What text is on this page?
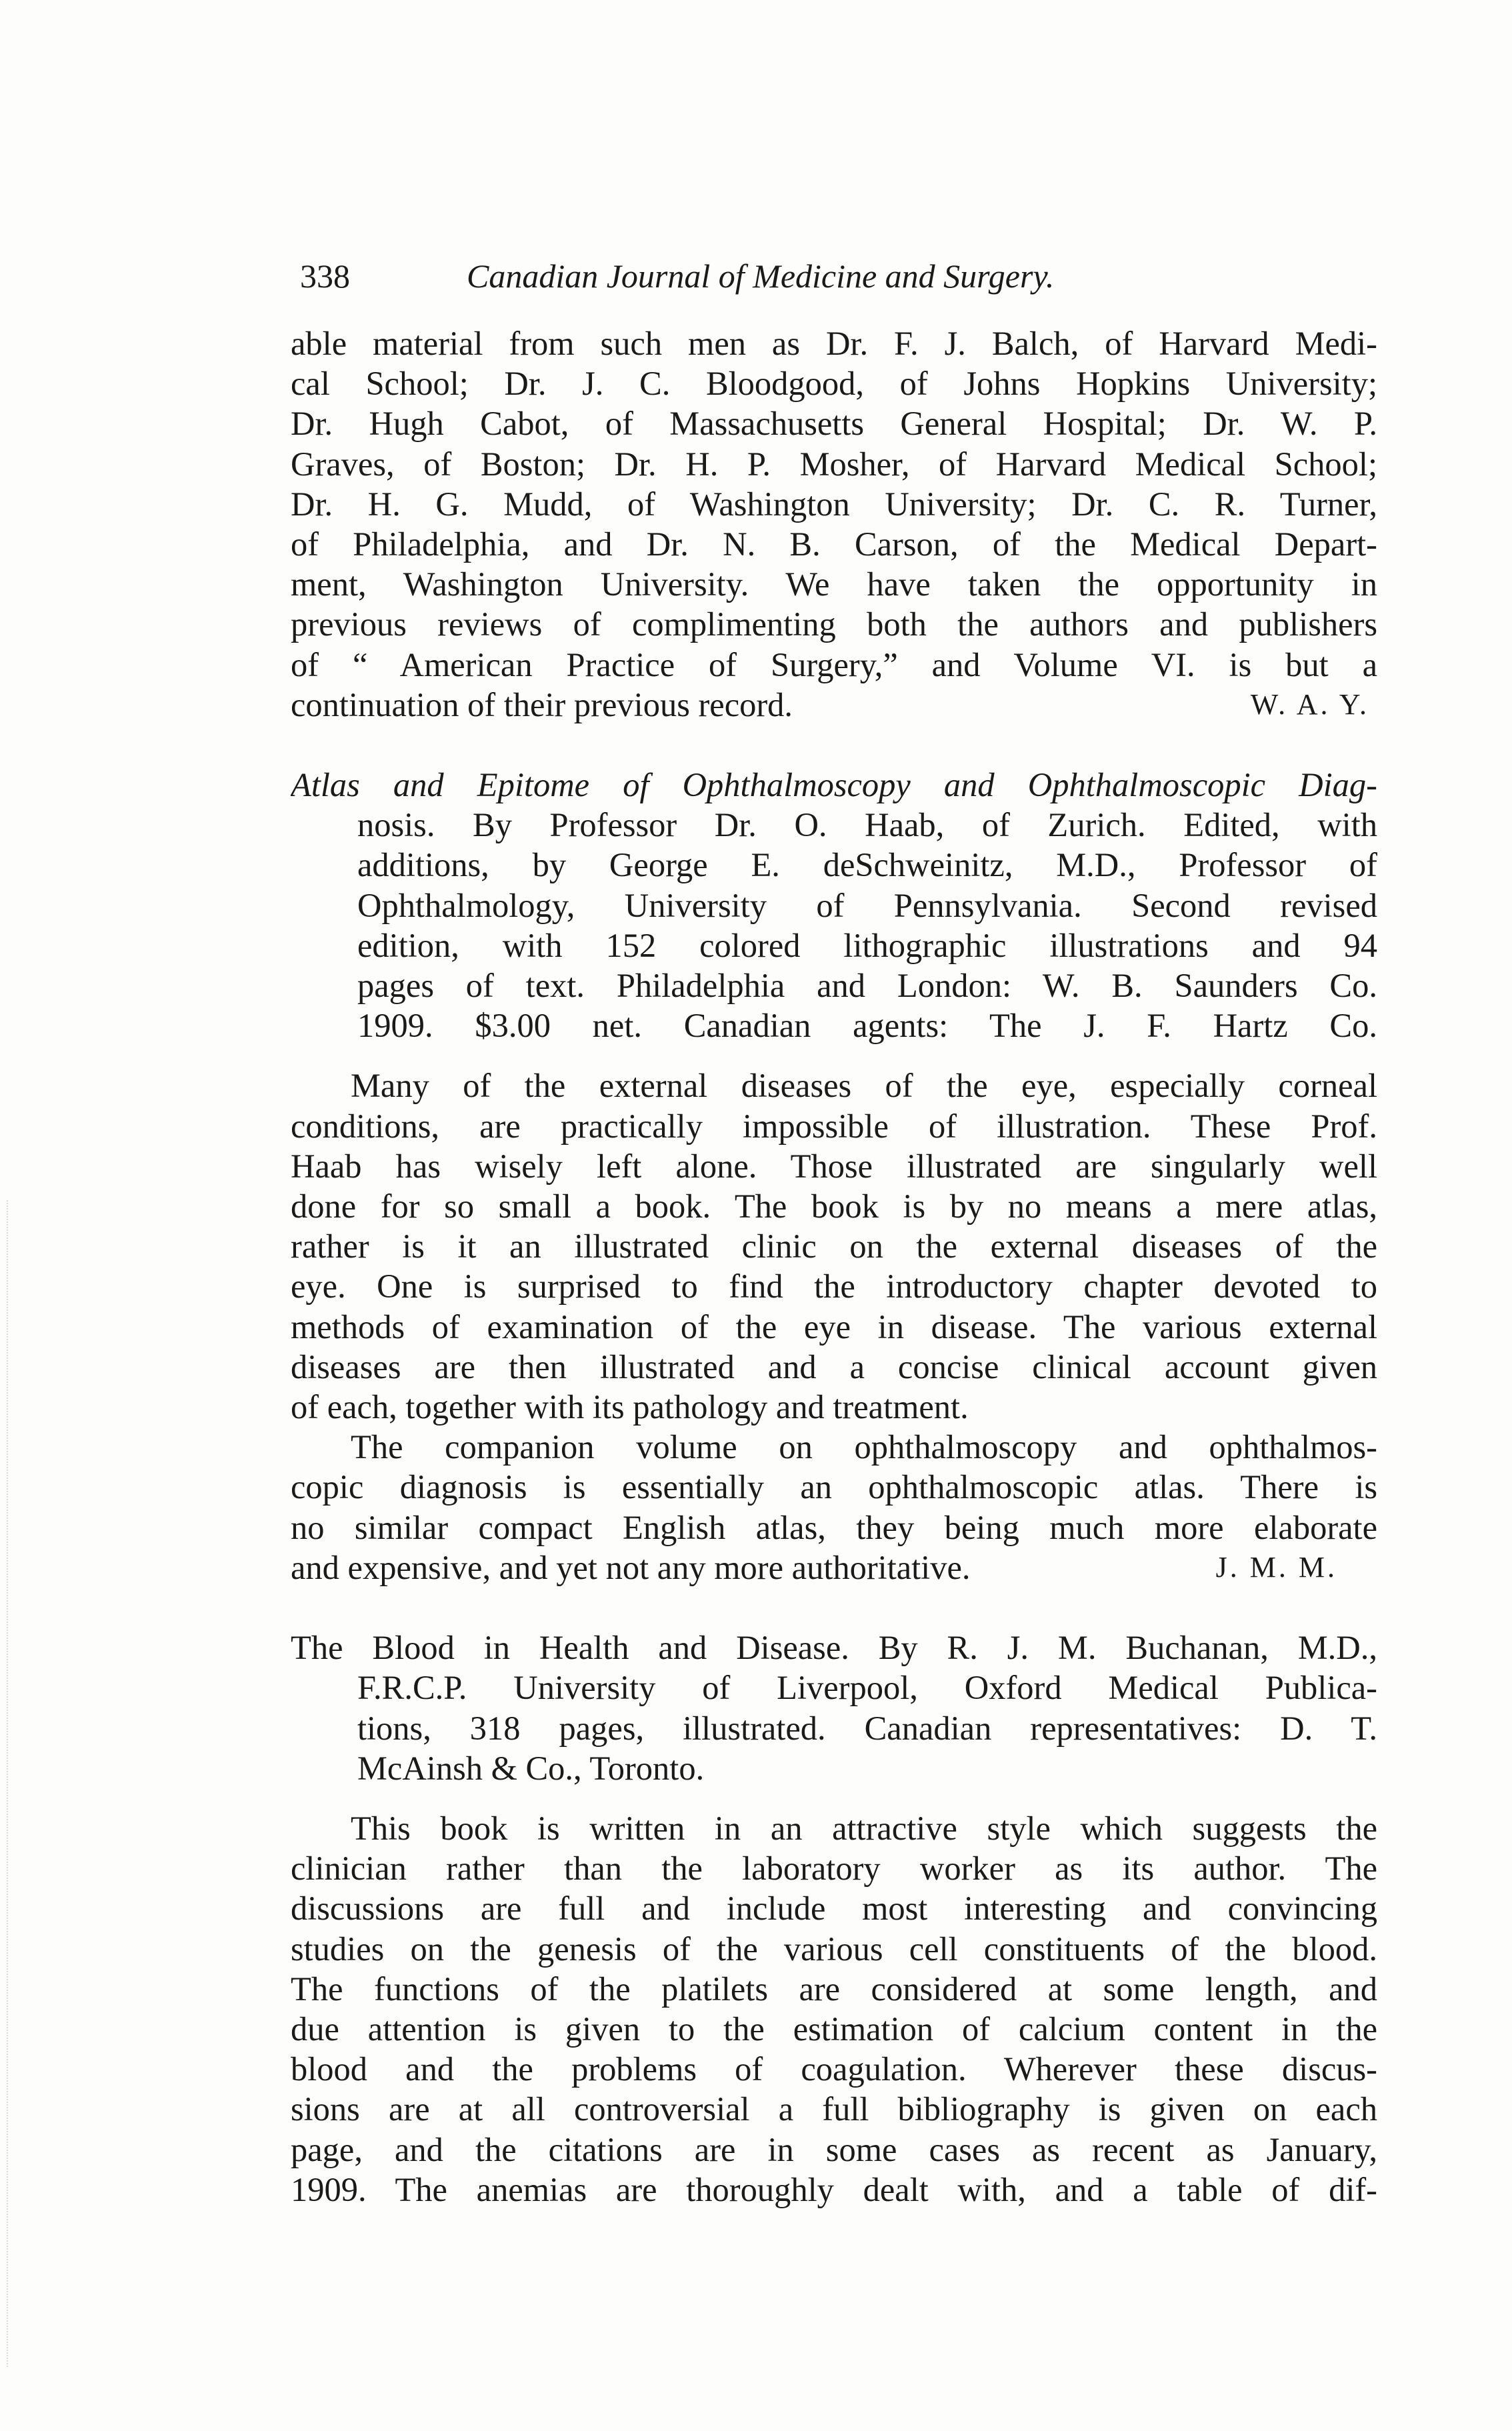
338	Canadian Journal of Medicine and Surgery.
able material from such men as Dr. F. J. Balch, of Harvard Medi-
cal School; Dr. J. C. Bloodgood, of Johns Hopkins University;
Dr. Hugh Cabot, of Massachusetts General Hospital; Dr. W. P.
Graves, of Boston; Dr. H. P. Mosher, of Harvard Medical School;
Dr. H. G. Mudd, of Washington University; Dr. C. R. Turner,
of Philadelphia, and Dr. N. B. Carson, of the Medical Depart-
ment, Washington University. We have taken the opportunity in
previous reviews of complimenting both the authors and publishers
of “ American Practice of Surgery,” and Volume VI. is but a
continuation of their previous record.	W. A. Y.
Atlas and Epitome of Ophthalmoscopy and Ophthalmoscopic Diag-
nosis. By Professor Dr. O. Haab, of Zurich. Edited, with
additions, by George E. deSchweinitz, M.D., Professor of
Ophthalmology, University of Pennsylvania. Second revised
edition, with 152 colored lithographic illustrations and 94
pages of text. Philadelphia and London: W. B. Saunders Co.
1909. $3.00 net. Canadian agents: The J. F. Hartz Co.
Many of the external diseases of the eye, especially corneal
conditions, are practically impossible of illustration. These Prof.
Haab has wisely left alone. Those illustrated are singularly well
done for so small a book. The book is by no means a mere atlas,
rather is it an illustrated clinic on the external diseases of the
eye. One is surprised to find the introductory chapter devoted to
methods of examination of the eye in disease. The various external
diseases are then illustrated and a concise clinical account given
of each, together with its pathology and treatment.
The companion volume on ophthalmoscopy and ophthalmos-
copic diagnosis is essentially an ophthalmoscopic atlas. There is
no similar compact English atlas, they being much more elaborate
and expensive, and yet not any more authoritative.	J. M. M.
The Blood in Health and Disease. By R. J. M. Buchanan, M.D.,
F.R.C.P. University of Liverpool, Oxford Medical Publica-
tions, 318 pages, illustrated. Canadian representatives: D. T.
McAinsh & Co., Toronto.
This book is written in an attractive style which suggests the
clinician rather than the laboratory worker as its author. The
discussions are full and include most interesting and convincing
studies on the genesis of the various cell constituents of the blood.
The functions of the platilets are considered at some length, and
due attention is given to the estimation of calcium content in the
blood and the problems of coagulation. Wherever these discus-
sions are at all controversial a full bibliography is given on each
page, and the citations are in some cases as recent as January,
1909. The anemias are thoroughly dealt with, and a table of dif-
